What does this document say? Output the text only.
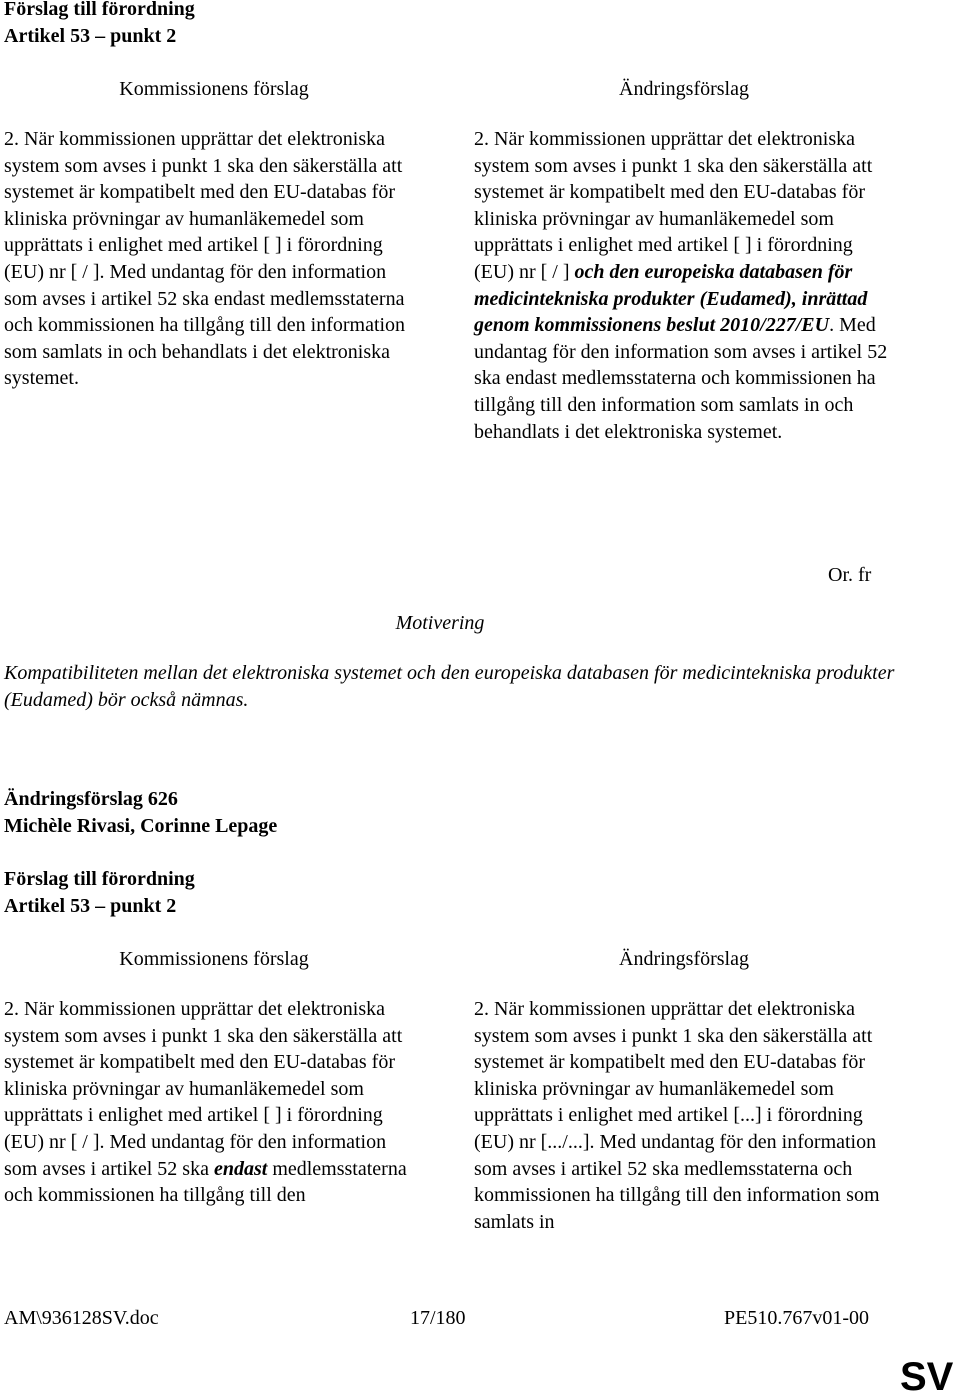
Förslag till förordning
Artikel 53 – punkt 2
Kommissionens förslag	Ändringsförslag

2. När kommissionen upprättar det elektroniska system som avses i punkt 1 ska den säkerställa att systemet är kompatibelt med den EU-databas för kliniska prövningar av humanläkemedel som upprättats i enlighet med artikel [ ] i förordning (EU) nr [ / ]. Med undantag för den information som avses i artikel 52 ska endast medlemsstaterna och kommissionen ha tillgång till den information som samlats in och behandlats i det elektroniska systemet.

2. När kommissionen upprättar det elektroniska system som avses i punkt 1 ska den säkerställa att systemet är kompatibelt med den EU-databas för kliniska prövningar av humanläkemedel som upprättats i enlighet med artikel [ ] i förordning (EU) nr [ / ] och den europeiska databasen för medicintekniska produkter (Eudamed), inrättad genom kommissionens beslut 2010/227/EU. Med undantag för den information som avses i artikel 52 ska endast medlemsstaterna och kommissionen ha tillgång till den information som samlats in och behandlats i det elektroniska systemet.

Or. fr
Motivering

Kompatibiliteten mellan det elektroniska systemet och den europeiska databasen för medicintekniska produkter (Eudamed) bör också nämnas.

Ändringsförslag 626
Michèle Rivasi, Corinne Lepage
Förslag till förordning
Artikel 53 – punkt 2
Kommissionens förslag	Ändringsförslag

2. När kommissionen upprättar det elektroniska system som avses i punkt 1 ska den säkerställa att systemet är kompatibelt med den EU-databas för kliniska prövningar av humanläkemedel som upprättats i enlighet med artikel [ ] i förordning (EU) nr [ / ]. Med undantag för den information som avses i artikel 52 ska endast medlemsstaterna och kommissionen ha tillgång till den

2. När kommissionen upprättar det elektroniska system som avses i punkt 1 ska den säkerställa att systemet är kompatibelt med den EU-databas för kliniska prövningar av humanläkemedel som upprättats i enlighet med artikel [...] i förordning (EU) nr [.../...]. Med undantag för den information som avses i artikel 52 ska medlemsstaterna och kommissionen ha tillgång till den information som samlats in

AM\936128SV.doc	17/180	PE510.767v01-00
SV
